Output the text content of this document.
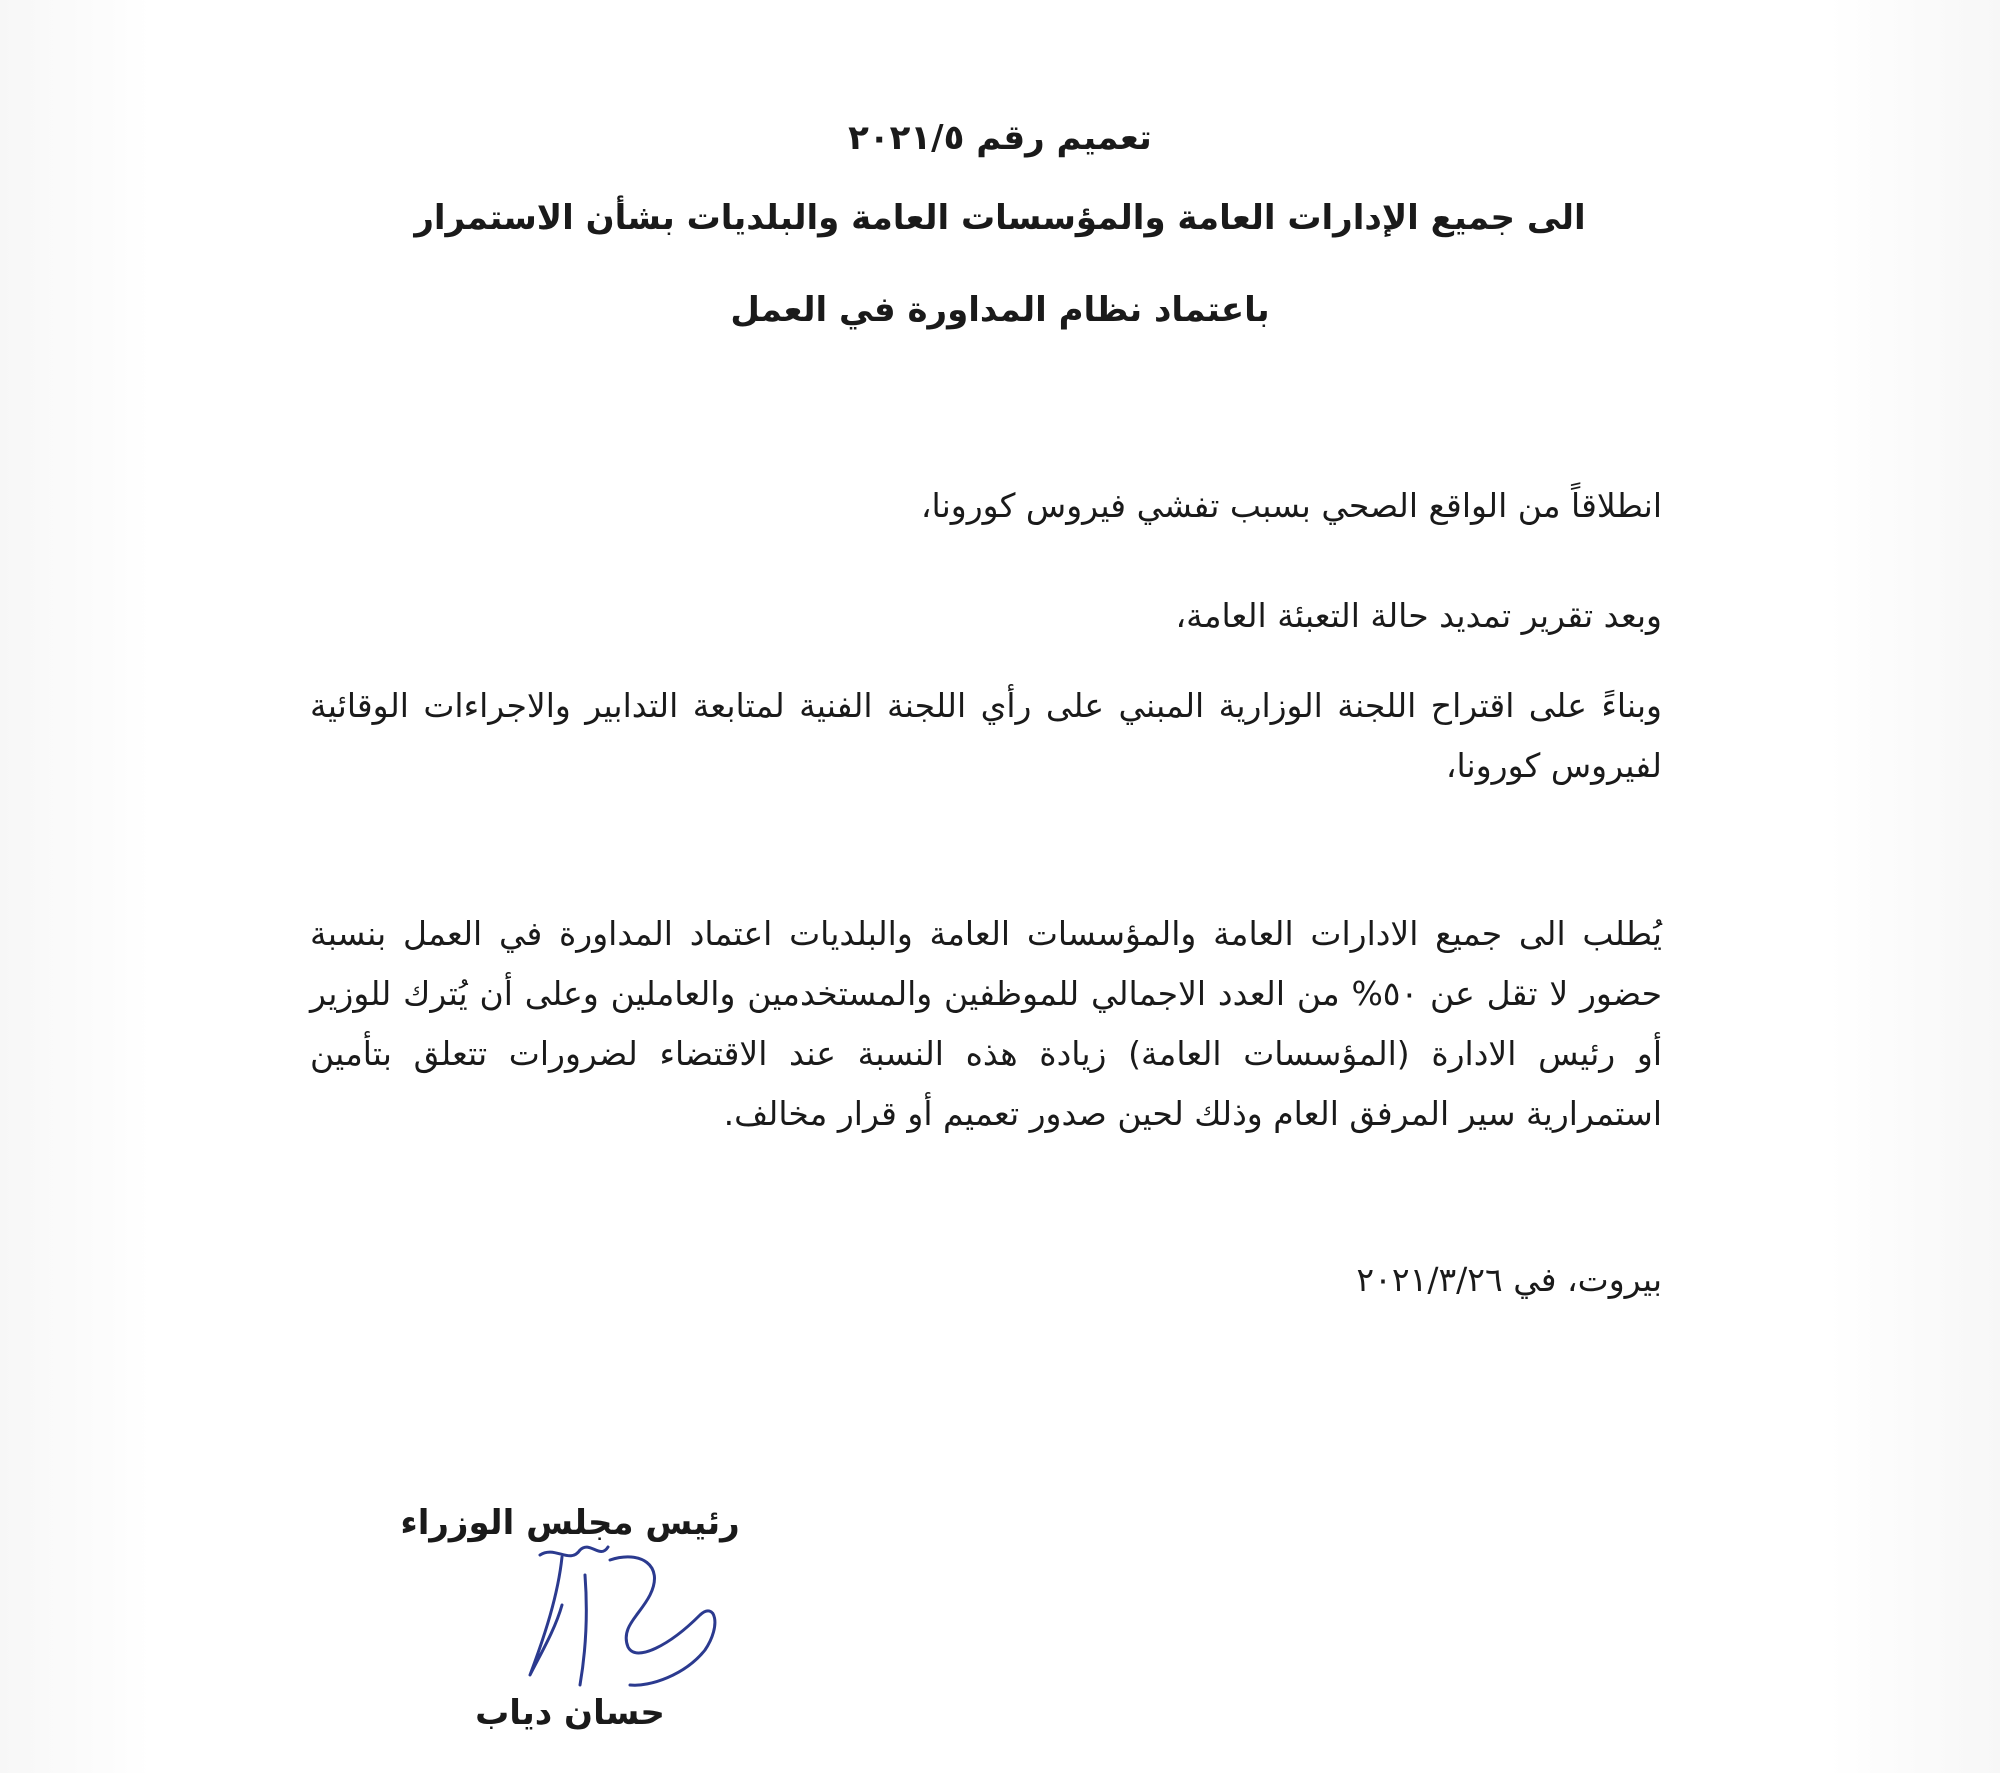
تعميم رقم ٢٠٢١/٥
الى جميع الإدارات العامة والمؤسسات العامة والبلديات بشأن الاستمرار
باعتماد نظام المداورة في العمل

انطلاقاً من الواقع الصحي بسبب تفشي فيروس كورونا،

وبعد تقرير تمديد حالة التعبئة العامة،

وبناءً على اقتراح اللجنة الوزارية المبني على رأي اللجنة الفنية لمتابعة التدابير والاجراءات الوقائية لفيروس كورونا،

يُطلب الى جميع الادارات العامة والمؤسسات العامة والبلديات اعتماد المداورة في العمل بنسبة حضور لا تقل عن ٥٠% من العدد الاجمالي للموظفين والمستخدمين والعاملين وعلى أن يُترك للوزير أو رئيس الادارة (المؤسسات العامة) زيادة هذه النسبة عند الاقتضاء لضرورات تتعلق بتأمين استمرارية سير المرفق العام وذلك لحين صدور تعميم أو قرار مخالف.

بيروت، في ٢٠٢١/٣/٢٦

رئيس مجلس الوزراء

حسان دياب
